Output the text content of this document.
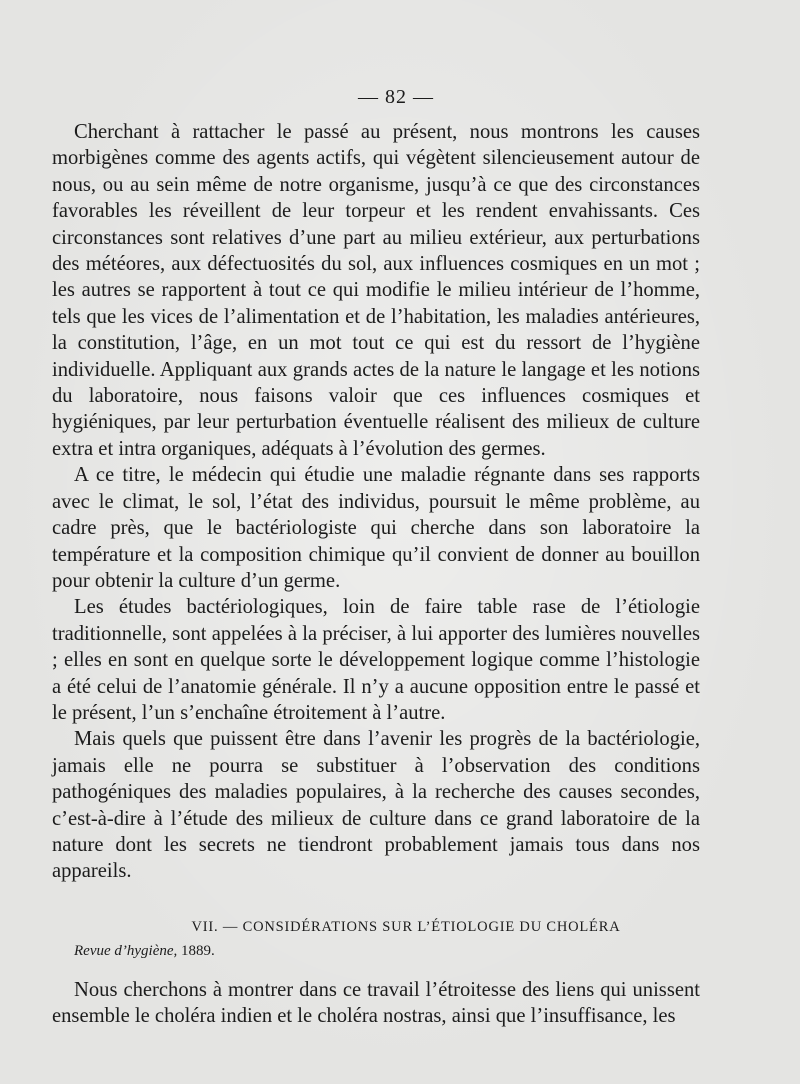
— 82 —

Cherchant à rattacher le passé au présent, nous montrons les causes morbigènes comme des agents actifs, qui végètent silencieusement autour de nous, ou au sein même de notre organisme, jusqu’à ce que des circonstances favorables les réveillent de leur torpeur et les rendent envahissants. Ces circonstances sont relatives d’une part au milieu extérieur, aux perturbations des météores, aux défectuosités du sol, aux influences cosmiques en un mot ; les autres se rapportent à tout ce qui modifie le milieu intérieur de l’homme, tels que les vices de l’alimentation et de l’habitation, les maladies antérieures, la constitution, l’âge, en un mot tout ce qui est du ressort de l’hygiène individuelle. Appliquant aux grands actes de la nature le langage et les notions du laboratoire, nous faisons valoir que ces influences cosmiques et hygiéniques, par leur perturbation éventuelle réalisent des milieux de culture extra et intra organiques, adéquats à l’évolution des germes.

A ce titre, le médecin qui étudie une maladie régnante dans ses rapports avec le climat, le sol, l’état des individus, poursuit le même problème, au cadre près, que le bactériologiste qui cherche dans son laboratoire la température et la composition chimique qu’il convient de donner au bouillon pour obtenir la culture d’un germe.

Les études bactériologiques, loin de faire table rase de l’étiologie traditionnelle, sont appelées à la préciser, à lui apporter des lumières nouvelles ; elles en sont en quelque sorte le développement logique comme l’histologie a été celui de l’anatomie générale. Il n’y a aucune opposition entre le passé et le présent, l’un s’enchaîne étroitement à l’autre.

Mais quels que puissent être dans l’avenir les progrès de la bactériologie, jamais elle ne pourra se substituer à l’observation des conditions pathogéniques des maladies populaires, à la recherche des causes secondes, c’est-à-dire à l’étude des milieux de culture dans ce grand laboratoire de la nature dont les secrets ne tiendront probablement jamais tous dans nos appareils.

VII. — CONSIDÉRATIONS SUR L’ÉTIOLOGIE DU CHOLÉRA
Revue d’hygiène, 1889.

Nous cherchons à montrer dans ce travail l’étroitesse des liens qui unissent ensemble le choléra indien et le choléra nostras, ainsi que l’insuffisance, les
